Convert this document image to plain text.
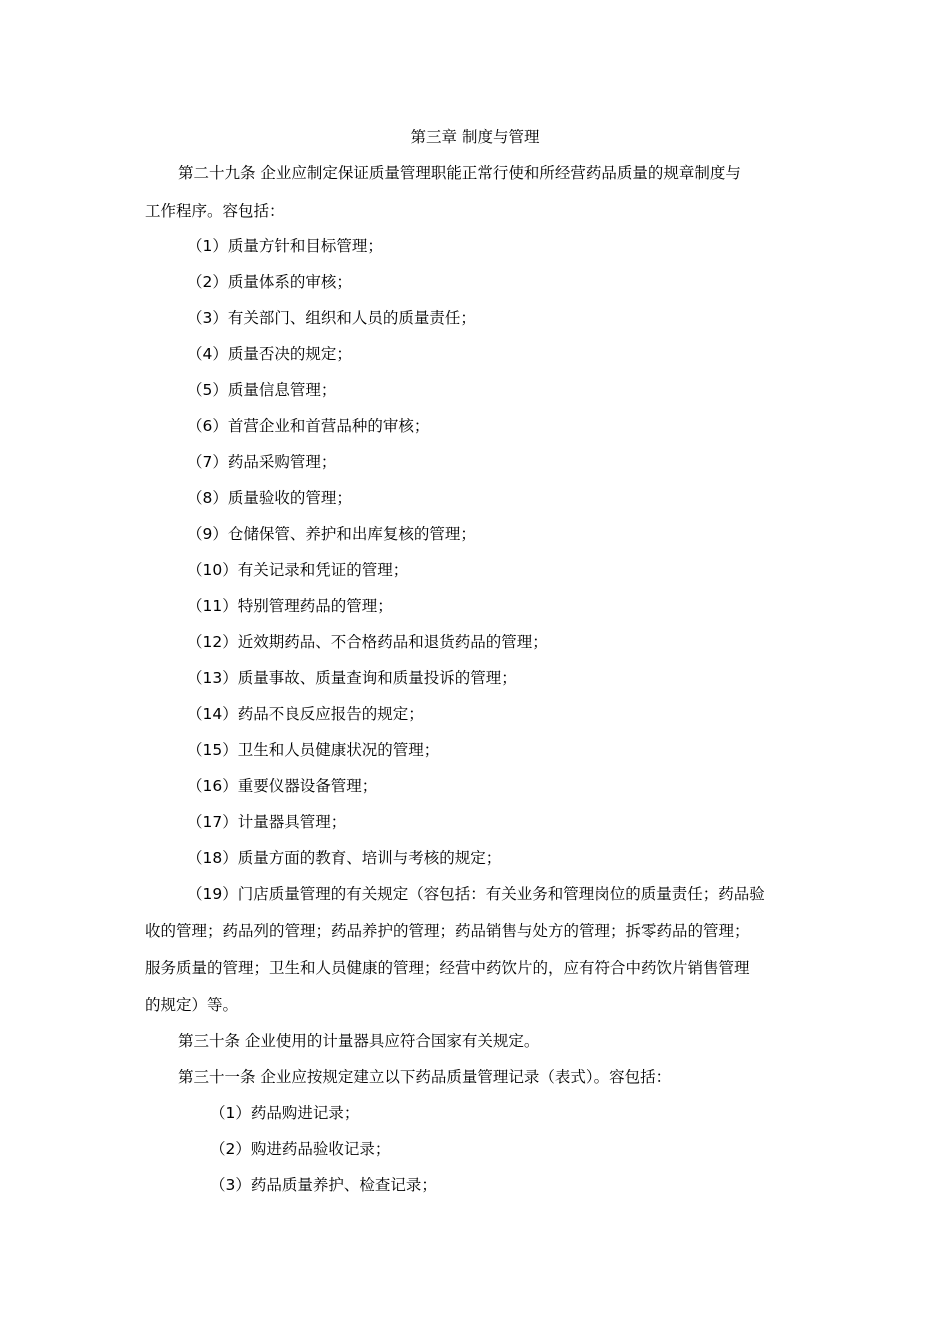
第三章 制度与管理
第二十九条 企业应制定保证质量管理职能正常行使和所经营药品质量的规章制度与
工作程序。容包括：
（1）质量方针和目标管理；
（2）质量体系的审核；
（3）有关部门、组织和人员的质量责任；
（4）质量否决的规定；
（5）质量信息管理；
（6）首营企业和首营品种的审核；
（7）药品采购管理；
（8）质量验收的管理；
（9）仓储保管、养护和出库复核的管理；
（10）有关记录和凭证的管理；
（11）特别管理药品的管理；
（12）近效期药品、不合格药品和退货药品的管理；
（13）质量事故、质量查询和质量投诉的管理；
（14）药品不良反应报告的规定；
（15）卫生和人员健康状况的管理；
（16）重要仪器设备管理；
（17）计量器具管理；
（18）质量方面的教育、培训与考核的规定；
（19）门店质量管理的有关规定（容包括：有关业务和管理岗位的质量责任；药品验
收的管理；药品列的管理；药品养护的管理；药品销售与处方的管理；拆零药品的管理；
服务质量的管理；卫生和人员健康的管理；经营中药饮片的，应有符合中药饮片销售管理
的规定）等。
第三十条 企业使用的计量器具应符合国家有关规定。
第三十一条 企业应按规定建立以下药品质量管理记录（表式）。容包括：
（1）药品购进记录；
（2）购进药品验收记录；
（3）药品质量养护、检查记录；
